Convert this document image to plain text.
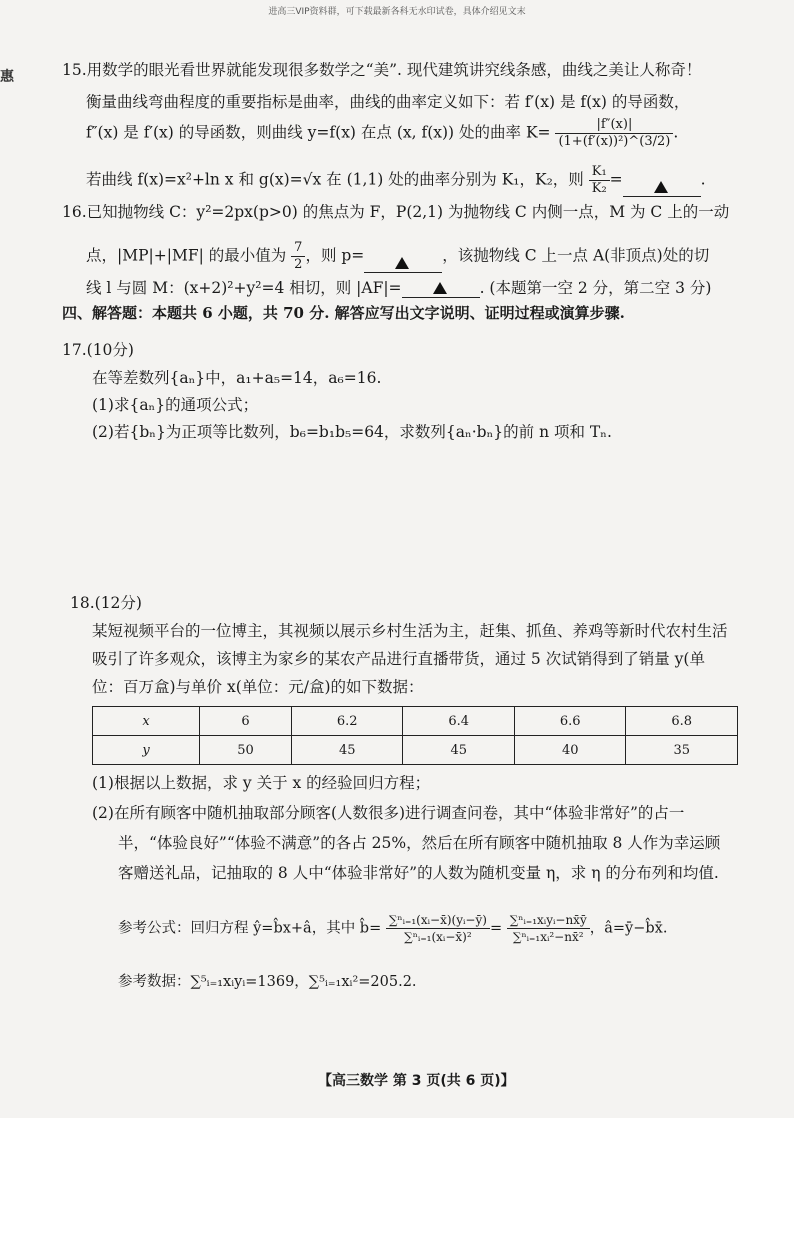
进高三VIP资料群，可下载最新各科无水印试卷，具体介绍见文末
惠	15.用数学的眼光看世界就能发现很多数学之“美”. 现代建筑讲究线条感，曲线之美让人称奇！
衡量曲线弯曲程度的重要指标是曲率，曲线的曲率定义如下：若 f′(x) 是 f(x) 的导函数，
f″(x) 是 f′(x) 的导函数，则曲线 y=f(x) 在点 (x, f(x)) 处的曲率 $K= \frac{|f''(x)|}{\text{(1+(f′(x))²)\textasciicircum{}(3/2)}}$ .
若曲线 f(x)=x²+ln x 和 g(x)=√x 在 (1,1) 处的曲率分别为 K₁，K₂，则 $\frac{\text{K₁}}{\text{K₂}}$ =	.
16.已知抛物线 C：y²=2px(p>0) 的焦点为 F，P(2,1) 为抛物线 C 内侧一点，M 为 C 上的一动
点，|MP|+|MF| 的最小值为 $\frac{7}{2}$ ，则 p=	，该抛物线 C 上一点 A(非顶点)处的切
线 l 与圆 M：(x+2)²+y²=4 相切，则 |AF|=	. (本题第一空 2 分，第二空 3 分)
四、解答题：本题共 6 小题，共 70 分. 解答应写出文字说明、证明过程或演算步骤.
17.(10分)
在等差数列{aₙ}中，a₁+a₅=14，a₆=16.
(1)求{aₙ}的通项公式；
(2)若{bₙ}为正项等比数列，b₆=b₁b₅=64，求数列{aₙ·bₙ}的前 n 项和 Tₙ.
18.(12分)
某短视频平台的一位博主，其视频以展示乡村生活为主，赶集、抓鱼、养鸡等新时代农村生活
吸引了许多观众，该博主为家乡的某农产品进行直播带货，通过 5 次试销得到了销量 y(单
位：百万盒)与单价 x(单位：元/盒)的如下数据：
x	6	6.2	6.4	6.6	6.8
y	50	45	45	40	35
(1)根据以上数据，求 y 关于 x 的经验回归方程；
(2)在所有顾客中随机抽取部分顾客(人数很多)进行调查问卷，其中“体验非常好”的占一
半，“体验良好”“体验不满意”的各占 25%，然后在所有顾客中随机抽取 8 人作为幸运顾
客赠送礼品，记抽取的 8 人中“体验非常好”的人数为随机变量 η，求 η 的分布列和均值.
参考公式：回归方程 ŷ=b̂x+â，其中 b̂= $\frac{\text{∑ⁿᵢ₌₁(xᵢ−x̄)(yᵢ−ȳ)}}{\text{∑ⁿᵢ₌₁(xᵢ−x̄)²}} = \frac{\text{∑ⁿᵢ₌₁xᵢyᵢ−nx̄ȳ}}{\text{∑ⁿᵢ₌₁xᵢ²−nx̄²}}$ ，â=ȳ−b̂x̄.
参考数据：∑⁵ᵢ₌₁xᵢyᵢ=1369，∑⁵ᵢ₌₁xᵢ²=205.2.
【高三数学 第 3 页(共 6 页)】
